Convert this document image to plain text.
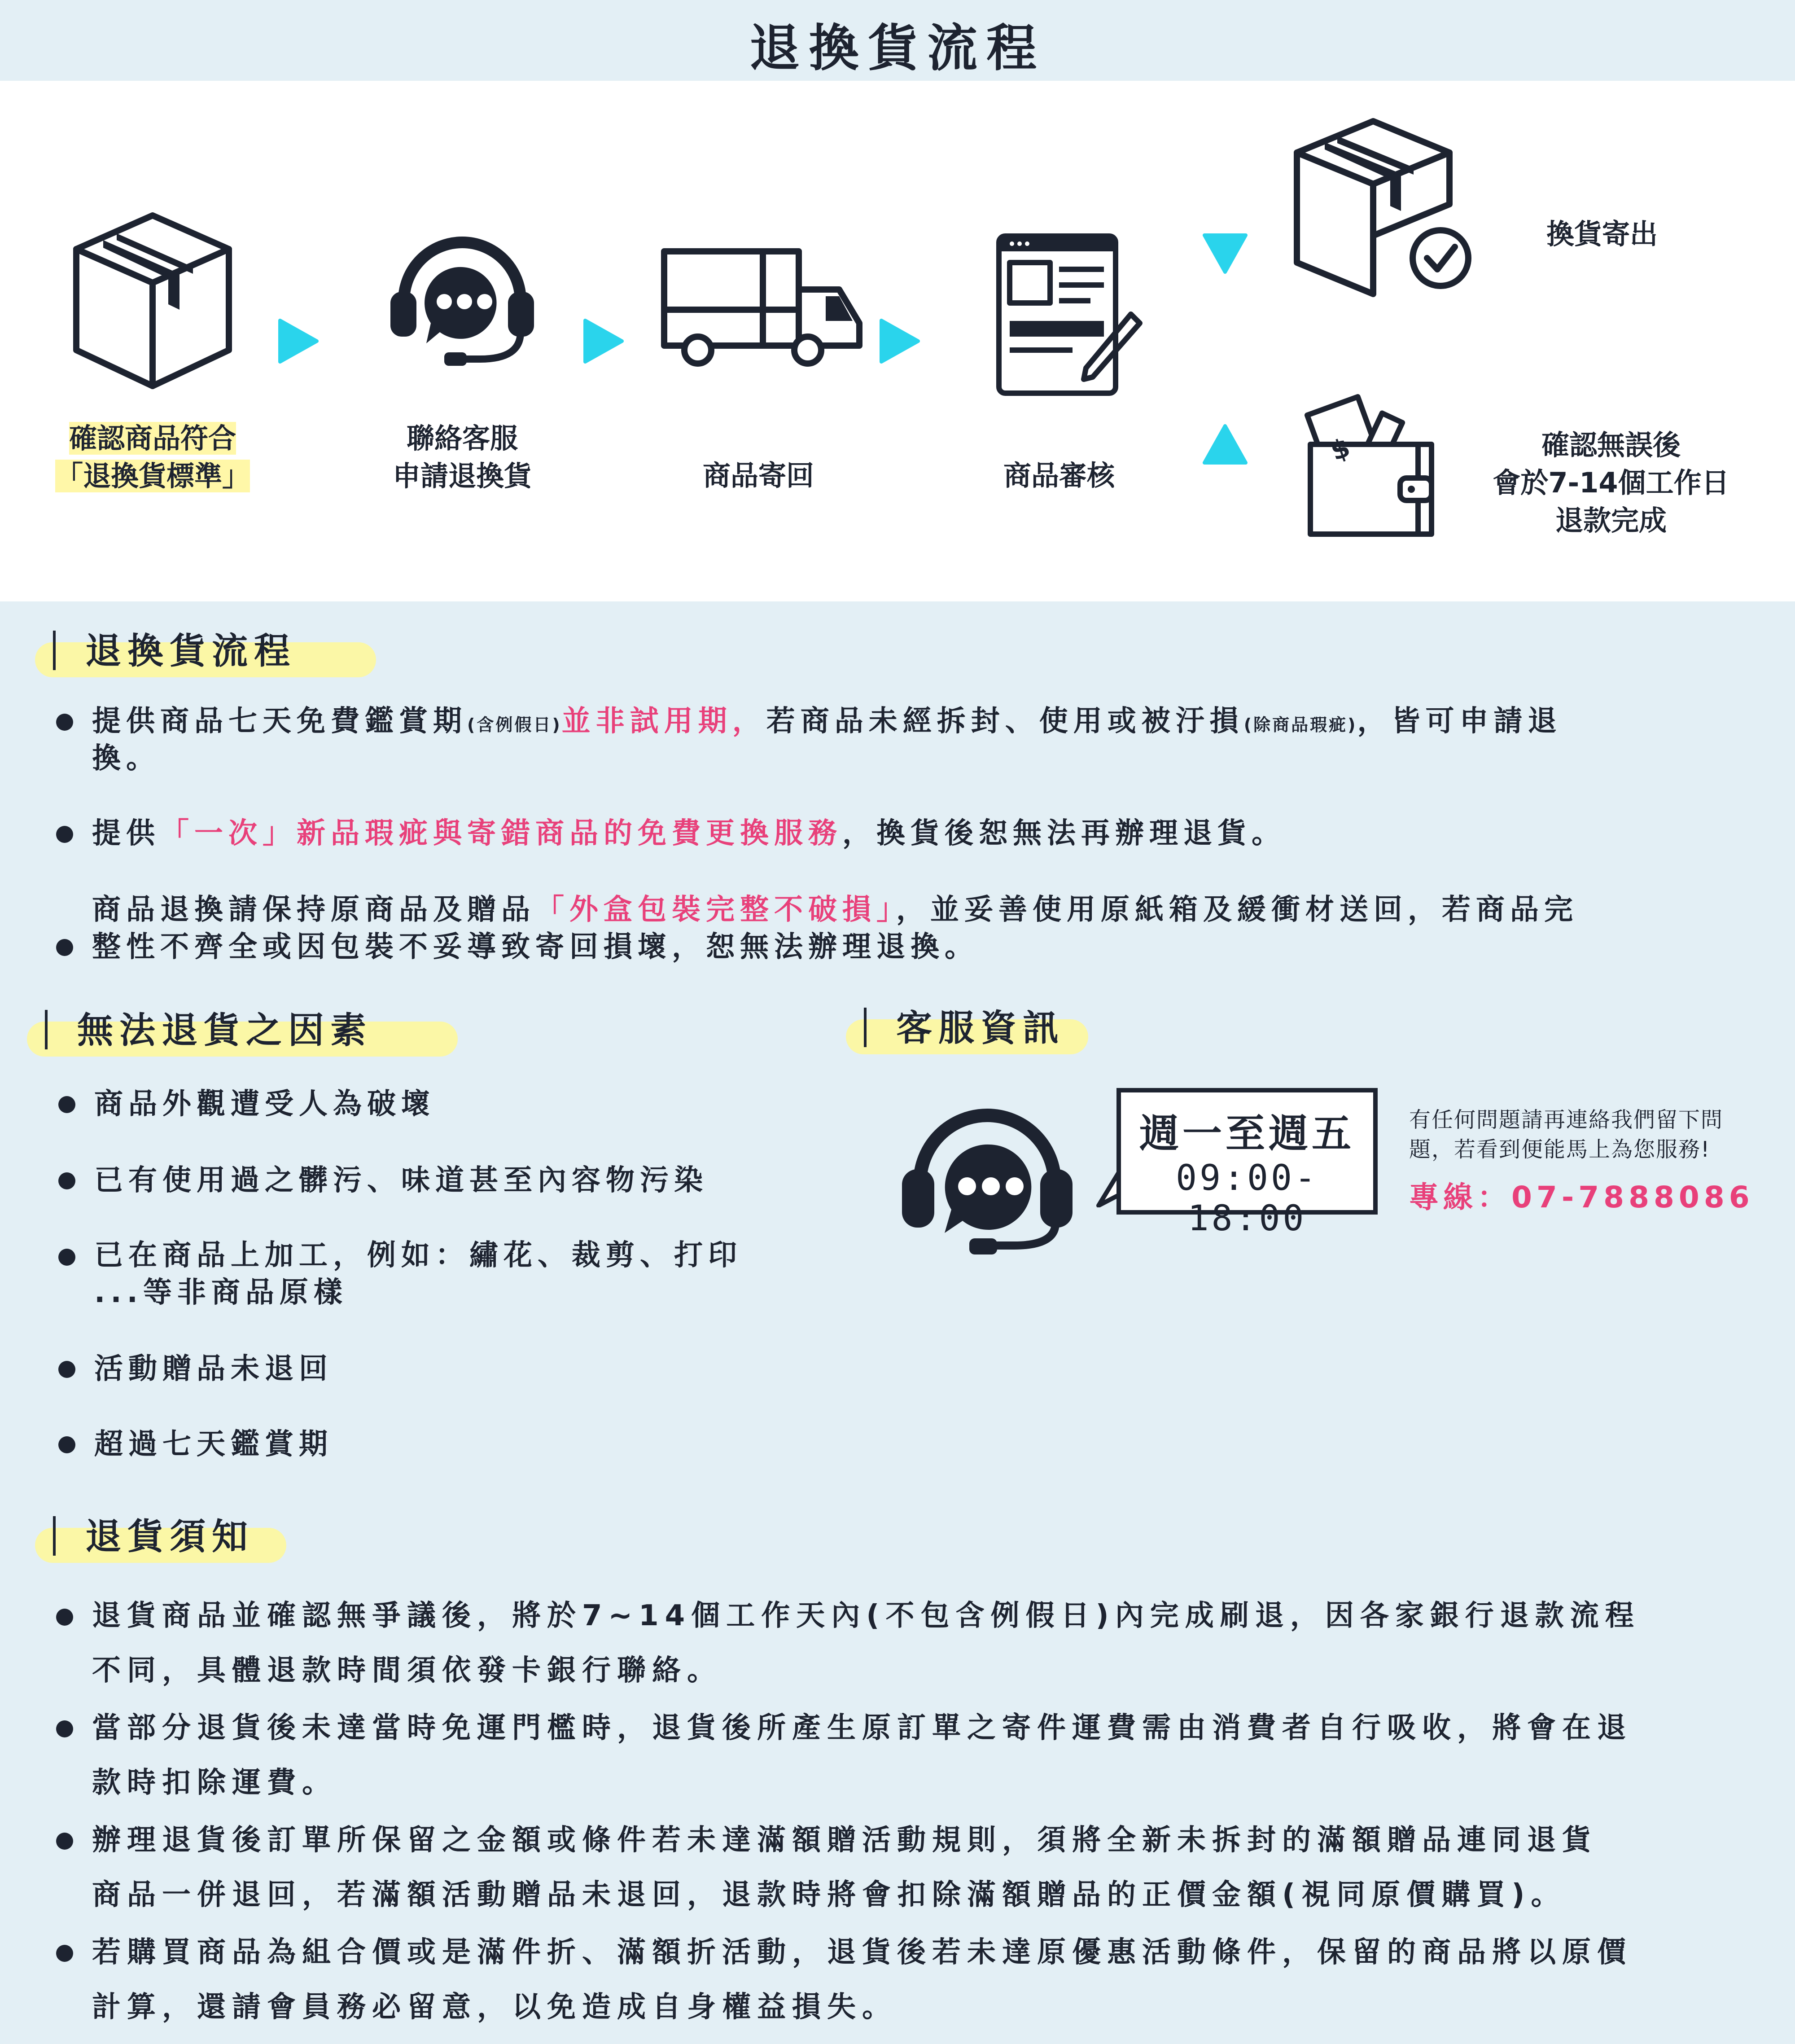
退換貨流程
$
確認商品符合
「退換貨標準」
聯絡客服
申請退換貨	商品寄回	商品審核
換貨寄出
確認無誤後
會於7-14個工作日
退款完成
退換貨流程
提供商品七天免費鑑賞期(含例假日)並非試用期，若商品未經拆封、使用或被汙損(除商品瑕疵)，皆可申請退
換。
提供「一次」新品瑕疵與寄錯商品的免費更換服務，換貨後恕無法再辦理退貨。
商品退換請保持原商品及贈品「外盒包裝完整不破損」，並妥善使用原紙箱及緩衝材送回，若商品完
整性不齊全或因包裝不妥導致寄回損壞，恕無法辦理退換。
無法退貨之因素
商品外觀遭受人為破壞
已有使用過之髒污、味道甚至內容物污染
已在商品上加工，例如：繡花、裁剪、打印
...等非商品原樣
活動贈品未退回
超過七天鑑賞期
客服資訊
週一至週五
09:00-18:00
有任何問題請再連絡我們留下問
題，若看到便能馬上為您服務!
專線：07-7888086
退貨須知
退貨商品並確認無爭議後，將於7~14個工作天內(不包含例假日)內完成刷退，因各家銀行退款流程
不同，具體退款時間須依發卡銀行聯絡。
當部分退貨後未達當時免運門檻時，退貨後所產生原訂單之寄件運費需由消費者自行吸收，將會在退
款時扣除運費。
辦理退貨後訂單所保留之金額或條件若未達滿額贈活動規則，須將全新未拆封的滿額贈品連同退貨
商品一併退回，若滿額活動贈品未退回，退款時將會扣除滿額贈品的正價金額(視同原價購買)。
若購買商品為組合價或是滿件折、滿額折活動，退貨後若未達原優惠活動條件，保留的商品將以原價
計算，還請會員務必留意，以免造成自身權益損失。
